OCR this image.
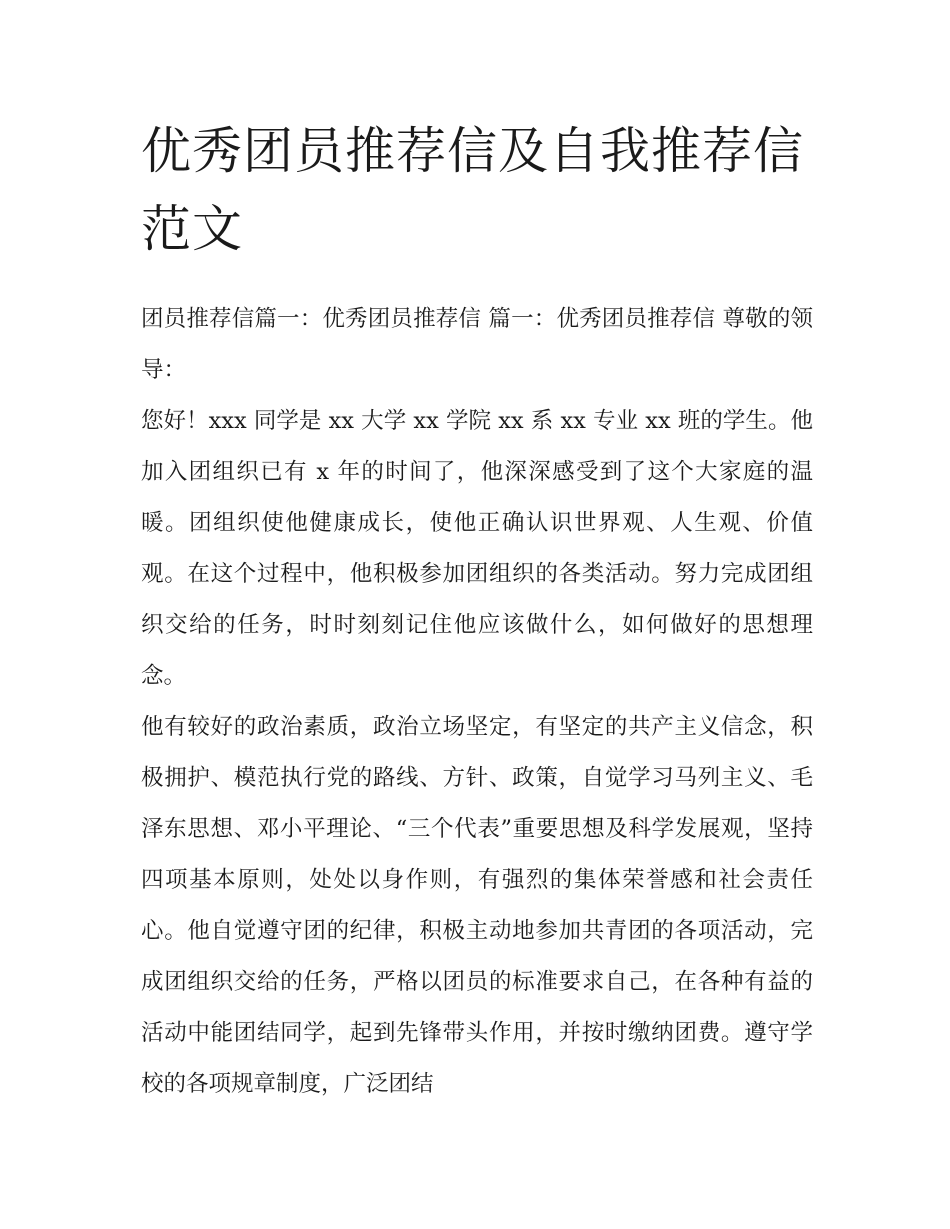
优秀团员推荐信及自我推荐信范文

团员推荐信篇一：优秀团员推荐信 篇一：优秀团员推荐信 尊敬的领导：

您好！xxx 同学是 xx 大学 xx 学院 xx 系 xx 专业 xx 班的学生。他加入团组织已有 x 年的时间了，他深深感受到了这个大家庭的温暖。团组织使他健康成长，使他正确认识世界观、人生观、价值观。在这个过程中，他积极参加团组织的各类活动。努力完成团组织交给的任务，时时刻刻记住他应该做什么，如何做好的思想理念。

他有较好的政治素质，政治立场坚定，有坚定的共产主义信念，积极拥护、模范执行党的路线、方针、政策，自觉学习马列主义、毛泽东思想、邓小平理论、“三个代表”重要思想及科学发展观，坚持四项基本原则，处处以身作则，有强烈的集体荣誉感和社会责任心。他自觉遵守团的纪律，积极主动地参加共青团的各项活动，完成团组织交给的任务，严格以团员的标准要求自己，在各种有益的活动中能团结同学，起到先锋带头作用，并按时缴纳团费。遵守学校的各项规章制度，广泛团结
